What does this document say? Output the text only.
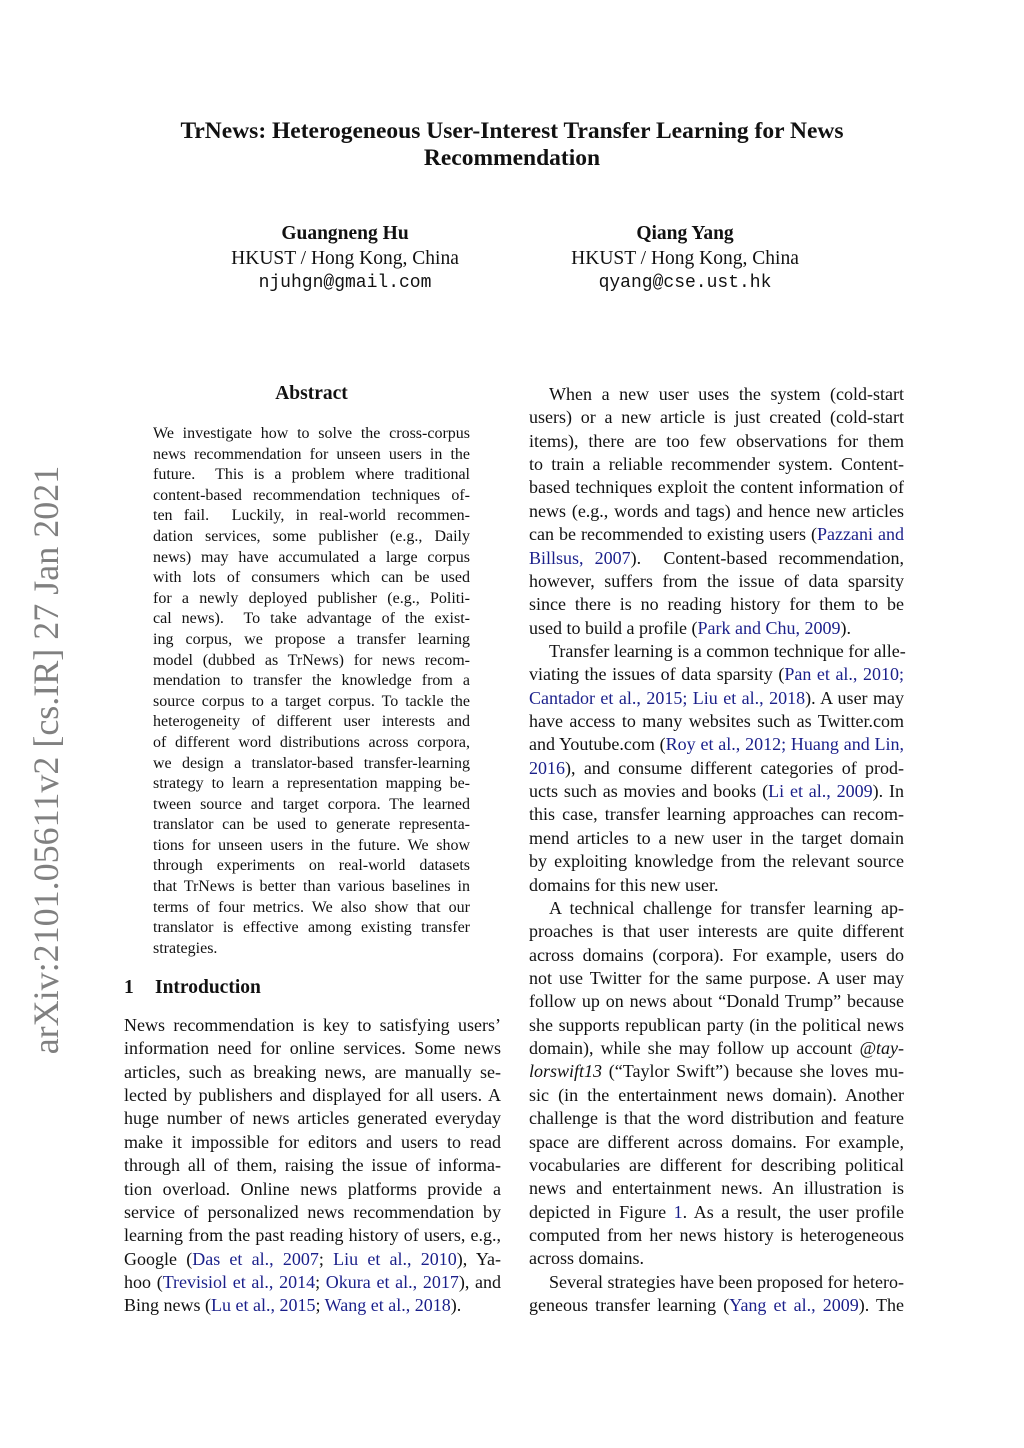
arXiv:2101.05611v2 [cs.IR] 27 Jan 2021
TrNews: Heterogeneous User-Interest Transfer Learning for News
Recommendation
Guangneng Hu
HKUST / Hong Kong, China
njuhgn@gmail.com
Qiang Yang
HKUST / Hong Kong, China
qyang@cse.ust.hk
Abstract
We investigate how to solve the cross-corpus
news recommendation for unseen users in the
future.  This is a problem where traditional
content-based recommendation techniques of-
ten fail.  Luckily, in real-world recommen-
dation services, some publisher (e.g., Daily
news) may have accumulated a large corpus
with lots of consumers which can be used
for a newly deployed publisher (e.g., Politi-
cal news).  To take advantage of the exist-
ing corpus, we propose a transfer learning
model (dubbed as TrNews) for news recom-
mendation to transfer the knowledge from a
source corpus to a target corpus. To tackle the
heterogeneity of different user interests and
of different word distributions across corpora,
we design a translator-based transfer-learning
strategy to learn a representation mapping be-
tween source and target corpora. The learned
translator can be used to generate representa-
tions for unseen users in the future. We show
through experiments on real-world datasets
that TrNews is better than various baselines in
terms of four metrics. We also show that our
translator is effective among existing transfer
strategies.
1 Introduction
News recommendation is key to satisfying users’
information need for online services. Some news
articles, such as breaking news, are manually se-
lected by publishers and displayed for all users. A
huge number of news articles generated everyday
make it impossible for editors and users to read
through all of them, raising the issue of informa-
tion overload. Online news platforms provide a
service of personalized news recommendation by
learning from the past reading history of users, e.g.,
Google (Das et al., 2007; Liu et al., 2010), Ya-
hoo (Trevisiol et al., 2014; Okura et al., 2017), and
Bing news (Lu et al., 2015; Wang et al., 2018).
When a new user uses the system (cold-start
users) or a new article is just created (cold-start
items), there are too few observations for them
to train a reliable recommender system. Content-
based techniques exploit the content information of
news (e.g., words and tags) and hence new articles
can be recommended to existing users (Pazzani and
Billsus, 2007).  Content-based recommendation,
however, suffers from the issue of data sparsity
since there is no reading history for them to be
used to build a profile (Park and Chu, 2009).
Transfer learning is a common technique for alle-
viating the issues of data sparsity (Pan et al., 2010;
Cantador et al., 2015; Liu et al., 2018). A user may
have access to many websites such as Twitter.com
and Youtube.com (Roy et al., 2012; Huang and Lin,
2016), and consume different categories of prod-
ucts such as movies and books (Li et al., 2009). In
this case, transfer learning approaches can recom-
mend articles to a new user in the target domain
by exploiting knowledge from the relevant source
domains for this new user.
A technical challenge for transfer learning ap-
proaches is that user interests are quite different
across domains (corpora). For example, users do
not use Twitter for the same purpose. A user may
follow up on news about “Donald Trump” because
she supports republican party (in the political news
domain), while she may follow up account @tay-
lorswift13 (“Taylor Swift”) because she loves mu-
sic (in the entertainment news domain). Another
challenge is that the word distribution and feature
space are different across domains. For example,
vocabularies are different for describing political
news and entertainment news. An illustration is
depicted in Figure 1. As a result, the user profile
computed from her news history is heterogeneous
across domains.
Several strategies have been proposed for hetero-
geneous transfer learning (Yang et al., 2009). The
